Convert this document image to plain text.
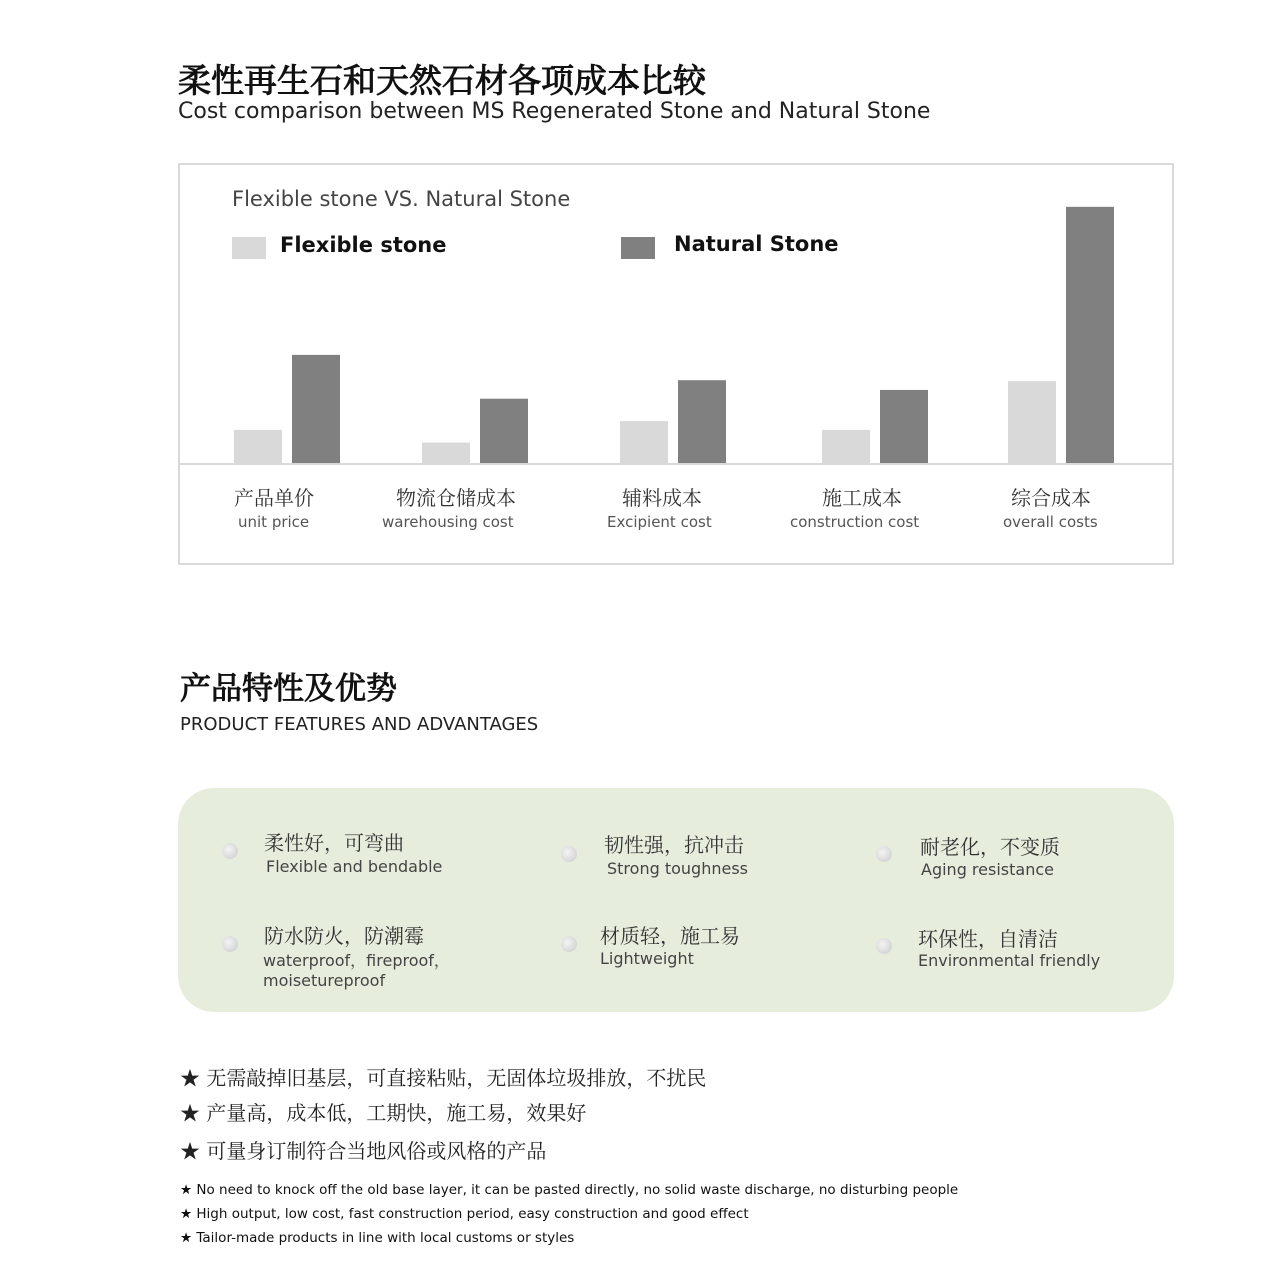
柔性再生石和天然石材各项成本比较
Cost comparison between MS Regenerated Stone and Natural Stone
Flexible stone VS. Natural Stone
Flexible stone	Natural Stone
产品单价
unit price
物流仓储成本
warehousing cost
辅料成本
Excipient cost
施工成本
construction cost
综合成本
overall costs
产品特性及优势
PRODUCT FEATURES AND ADVANTAGES
柔性好，可弯曲
Flexible and bendable
韧性强，抗冲击
Strong toughness
耐老化，不变质
Aging resistance
防水防火，防潮霉
waterproof，fireproof，
moisetureproof
材质轻，施工易
Lightweight
环保性，自清洁
Environmental friendly
★ 无需敲掉旧基层，可直接粘贴，无固体垃圾排放，不扰民
★ 产量高，成本低，工期快，施工易，效果好
★ 可量身订制符合当地风俗或风格的产品
★ No need to knock off the old base layer, it can be pasted directly, no solid waste discharge, no disturbing people
★ High output, low cost, fast construction period, easy construction and good effect
★ Tailor-made products in line with local customs or styles
